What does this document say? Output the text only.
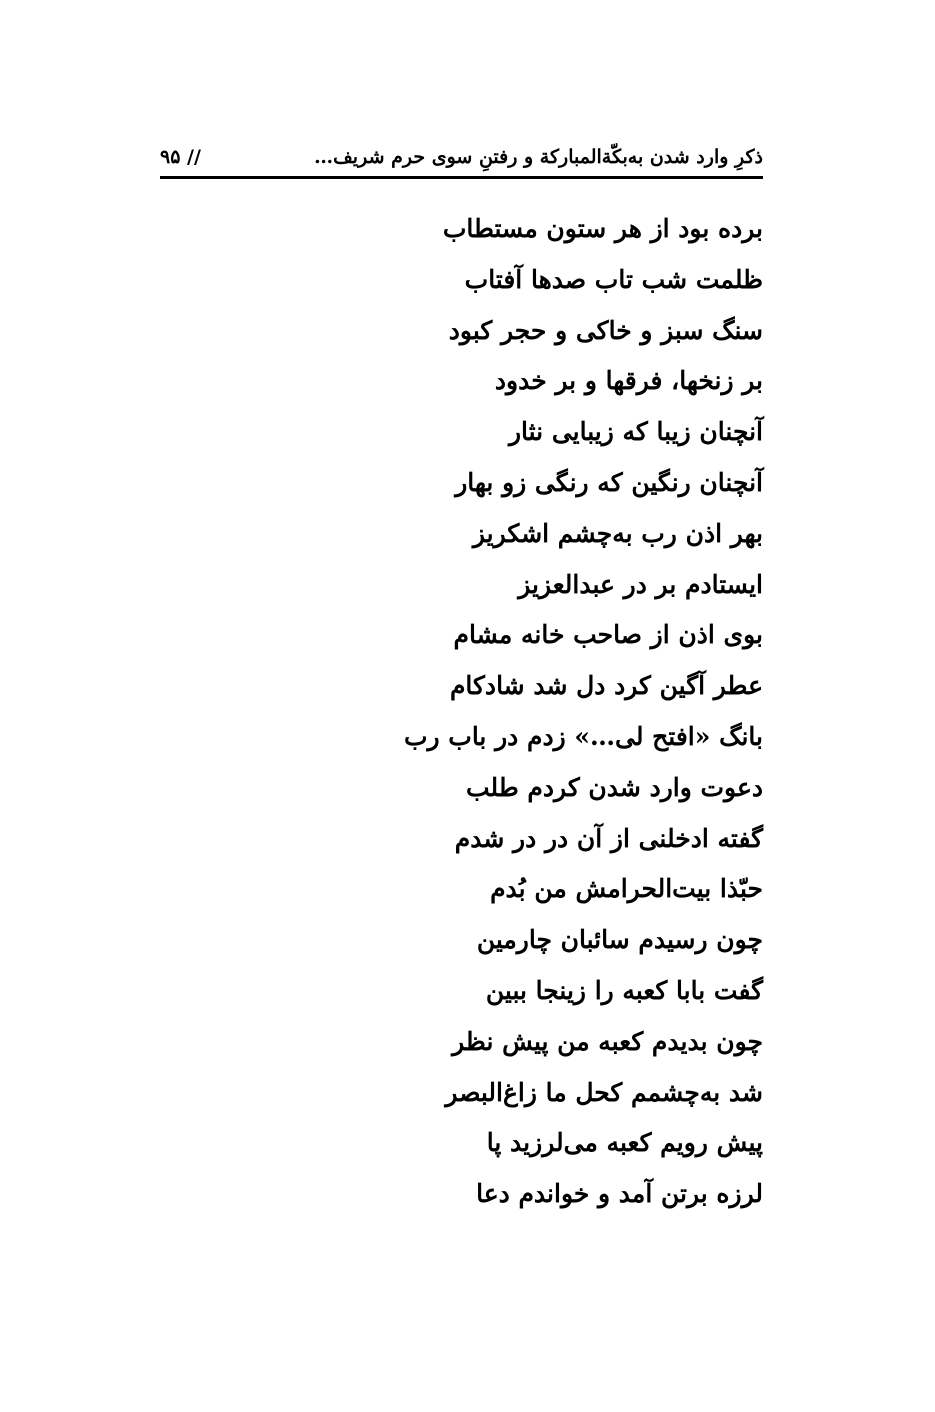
ذکرِ وارد شدن به‌بکّةالمبارکة و رفتنِ سوی حرم شریف…
// ۹۵
برده بود از هر ستون مستطاب
ظلمت شب تاب صدها آفتاب
سنگ سبز و خاکی و حجر کبود
بر زنخها، فرقها و بر خدود
آنچنان زیبا که زیبایی نثار
آنچنان رنگین که رنگی زو بهار
بهر اذن رب به‌چشم اشکریز
ایستادم بر در عبدالعزیز
بوی اذن از صاحب خانه مشام
عطر آگین کرد دل شد شادکام
بانگ «افتح لی…» زدم در باب رب
دعوت وارد شدن کردم طلب
گفته ادخلنی از آن در در شدم
حبّذا بیت‌الحرامش من بُدم
چون رسیدم سائبان چارمین
گفت بابا کعبه را زینجا ببین
چون بدیدم کعبه من پیش نظر
شد به‌چشمم کحل ما زاغ‌البصر
پیش رویم کعبه می‌لرزید پا
لرزه برتن آمد و خواندم دعا
